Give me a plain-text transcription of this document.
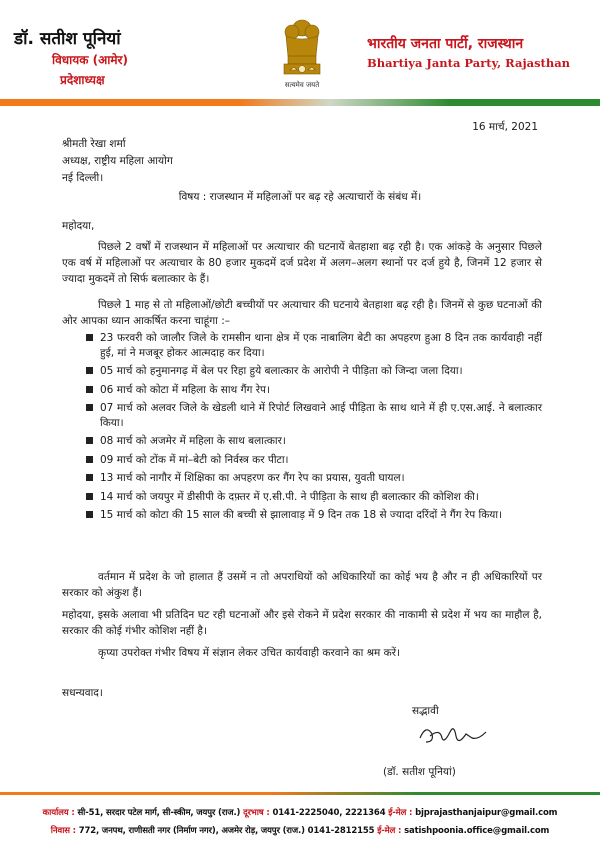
डॉ. सतीश पूनियां
विधायक (आमेर)
प्रदेशाध्यक्ष	सत्यमेव जयते
भारतीय जनता पार्टी, राजस्थान
Bhartiya Janta Party, Rajasthan
16 मार्च, 2021
श्रीमती रेखा शर्मा
अध्यक्ष, राष्ट्रीय महिला आयोग
नई दिल्ली।
विषय : राजस्थान में महिलाओं पर बढ़ रहे अत्याचारों के संबंध में।
महोदया,
पिछले 2 वर्षों में राजस्थान में महिलाओं पर अत्याचार की घटनायें बेतहाशा बढ़ रही है। एक आंकड़े के अनुसार पिछले एक वर्ष में महिलाओं पर अत्याचार के 80 हजार मुकदमें दर्ज प्रदेश में अलग–अलग स्थानों पर दर्ज हुये है, जिनमें 12 हजार से ज्यादा मुकदमें तो सिर्फ बलात्कार के हैं।
पिछले 1 माह से तो महिलाओं/छोटी बच्चीयों पर अत्याचार की घटनाये बेतहाशा बढ़ रही है। जिनमें से कुछ घटनाओं की ओर आपका ध्यान आकर्षित करना चाहूंगा :–
23 फरवरी को जालौर जिले के रामसीन थाना क्षेत्र में एक नाबालिग बेटी का अपहरण हुआ 8 दिन तक कार्यवाही नहीं हुई, मां ने मजबूर होकर आत्मदाह कर दिया।
05 मार्च को हनुमानगढ़ में बेल पर रिहा हुये बलात्कार के आरोपी ने पीड़िता को जिन्दा जला दिया।
06 मार्च को कोटा में महिला के साथ गैंग रेप।
07 मार्च को अलवर जिले के खेडली थाने में रिपोर्ट लिखवाने आई पीड़िता के साथ थाने में ही ए.एस.आई. ने बलात्कार किया।
08 मार्च को अजमेर में महिला के साथ बलात्कार।
09 मार्च को टोंक में मां–बेटी को निर्वस्त्र कर पीटा।
13 मार्च को नागौर में शिक्षिका का अपहरण कर गैंग रेप का प्रयास, युवती घायल।
14 मार्च को जयपुर में डीसीपी के दफ़्तर में ए.सी.पी. ने पीड़िता के साथ ही बलात्कार की कोशिश की।
15 मार्च को कोटा की 15 साल की बच्ची से झालावाड़ में 9 दिन तक 18 से ज्यादा दरिंदों ने गैंग रेप किया।
वर्तमान में प्रदेश के जो हालात हैं उसमें न तो अपराधियों को अधिकारियों का कोई भय है और न ही अधिकारियों पर सरकार को अंकुश हैं।
महोदया, इसके अलावा भी प्रतिदिन घट रही घटनाओं और इसे रोकने में प्रदेश सरकार की नाकामी से प्रदेश में भय का माहौल है, सरकार की कोई गंभीर कोशिश नहीं है।
कृप्या उपरोक्त गंभीर विषय में संज्ञान लेकर उचित कार्यवाही करवाने का श्रम करें।
सधन्यवाद।
सद्भावी
(डॉ. सतीश पूनियां)
कार्यालय : सी-51, सरदार पटेल मार्ग, सी-स्कीम, जयपुर (राज.) दूरभाष : 0141-2225040, 2221364 ई-मेल : bjprajasthanjaipur@gmail.com
निवास : 772, जनपथ, राणीसती नगर (निर्माण नगर), अजमेर रोड़, जयपुर (राज.) 0141-2812155 ई-मेल : satishpoonia.office@gmail.com
